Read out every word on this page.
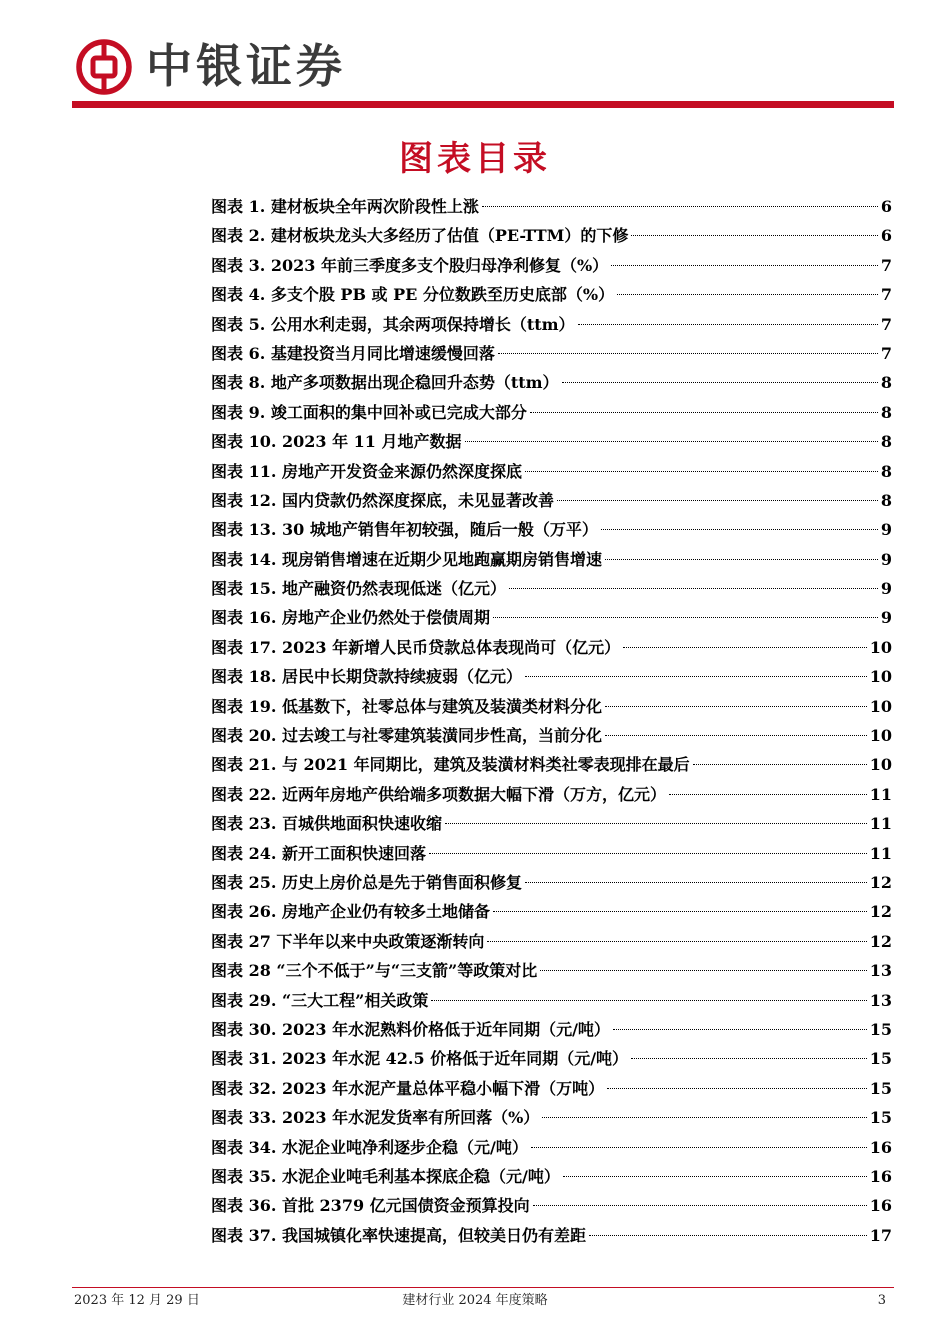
中银证券
图表目录
图表 1. 建材板块全年两次阶段性上涨	6
图表 2. 建材板块龙头大多经历了估值（PE-TTM）的下修	6
图表 3. 2023 年前三季度多支个股归母净利修复（%）	7
图表 4. 多支个股 PB 或 PE 分位数跌至历史底部（%）	7
图表 5. 公用水利走弱，其余两项保持增长（ttm）	7
图表 6. 基建投资当月同比增速缓慢回落	7
图表 8. 地产多项数据出现企稳回升态势（ttm）	8
图表 9. 竣工面积的集中回补或已完成大部分	8
图表 10. 2023 年 11 月地产数据	8
图表 11. 房地产开发资金来源仍然深度探底	8
图表 12. 国内贷款仍然深度探底，未见显著改善	8
图表 13. 30 城地产销售年初较强，随后一般（万平）	9
图表 14. 现房销售增速在近期少见地跑赢期房销售增速	9
图表 15. 地产融资仍然表现低迷（亿元）	9
图表 16. 房地产企业仍然处于偿债周期	9
图表 17. 2023 年新增人民币贷款总体表现尚可（亿元）	10
图表 18. 居民中长期贷款持续疲弱（亿元）	10
图表 19. 低基数下，社零总体与建筑及装潢类材料分化	10
图表 20. 过去竣工与社零建筑装潢同步性高，当前分化	10
图表 21. 与 2021 年同期比，建筑及装潢材料类社零表现排在最后	10
图表 22. 近两年房地产供给端多项数据大幅下滑（万方，亿元）	11
图表 23. 百城供地面积快速收缩	11
图表 24. 新开工面积快速回落	11
图表 25. 历史上房价总是先于销售面积修复	12
图表 26. 房地产企业仍有较多土地储备	12
图表 27 下半年以来中央政策逐渐转向	12
图表 28 “三个不低于”与“三支箭”等政策对比	13
图表 29. “三大工程”相关政策	13
图表 30. 2023 年水泥熟料价格低于近年同期（元/吨）	15
图表 31. 2023 年水泥 42.5 价格低于近年同期（元/吨）	15
图表 32. 2023 年水泥产量总体平稳小幅下滑（万吨）	15
图表 33. 2023 年水泥发货率有所回落（%）	15
图表 34. 水泥企业吨净利逐步企稳（元/吨）	16
图表 35. 水泥企业吨毛利基本探底企稳（元/吨）	16
图表 36. 首批 2379 亿元国债资金预算投向	16
图表 37. 我国城镇化率快速提高，但较美日仍有差距	17
2023 年 12 月 29 日	建材行业 2024 年度策略	3
